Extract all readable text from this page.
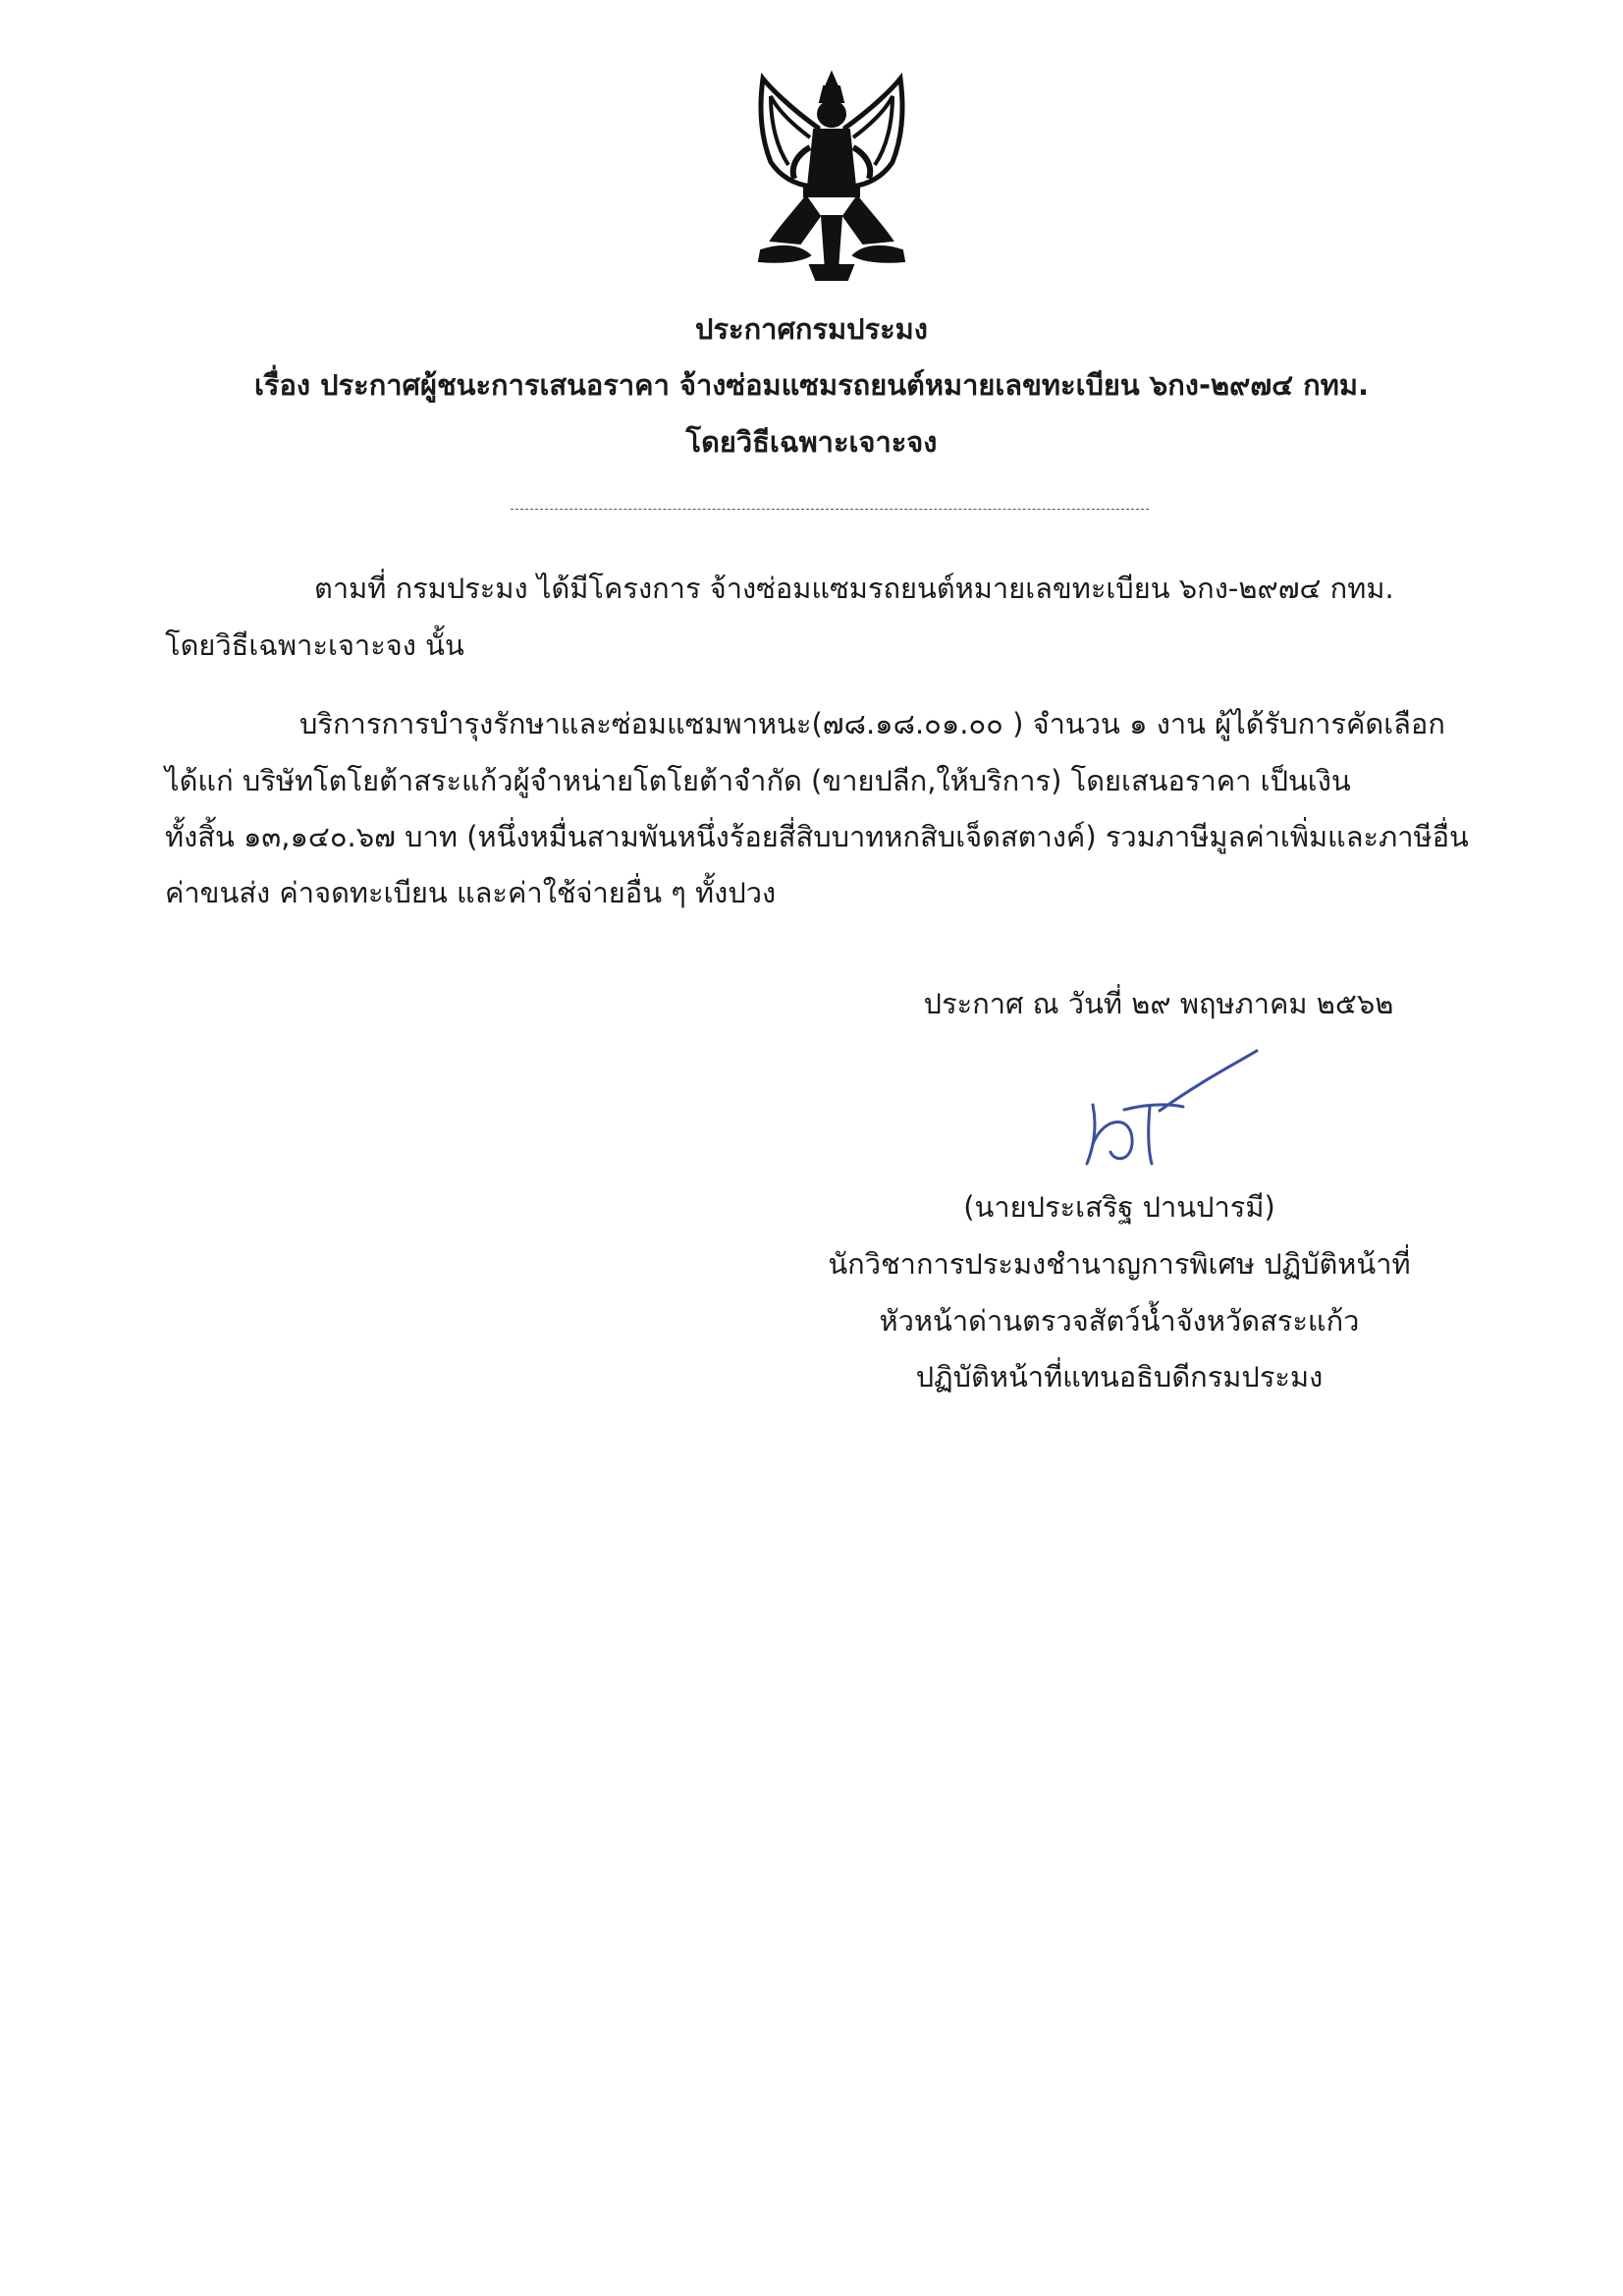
ประกาศกรมประมง
เรื่อง ประกาศผู้ชนะการเสนอราคา จ้างซ่อมแซมรถยนต์หมายเลขทะเบียน ๖กง-๒๙๗๔ กทม.
โดยวิธีเฉพาะเจาะจง
ตามที่ กรมประมง ได้มีโครงการ จ้างซ่อมแซมรถยนต์หมายเลขทะเบียน ๖กง-๒๙๗๔ กทม.
โดยวิธีเฉพาะเจาะจง นั้น
บริการการบำรุงรักษาและซ่อมแซมพาหนะ(๗๘.๑๘.๐๑.๐๐ ) จำนวน ๑ งาน ผู้ได้รับการคัดเลือก
ได้แก่ บริษัทโตโยต้าสระแก้วผู้จำหน่ายโตโยต้าจำกัด (ขายปลีก,ให้บริการ) โดยเสนอราคา เป็นเงิน
ทั้งสิ้น ๑๓,๑๔๐.๖๗ บาท (หนึ่งหมื่นสามพันหนึ่งร้อยสี่สิบบาทหกสิบเจ็ดสตางค์) รวมภาษีมูลค่าเพิ่มและภาษีอื่น
ค่าขนส่ง ค่าจดทะเบียน และค่าใช้จ่ายอื่น ๆ ทั้งปวง
ประกาศ ณ วันที่ ๒๙ พฤษภาคม ๒๕๖๒
(นายประเสริฐ ปานปารมี)
นักวิชาการประมงชำนาญการพิเศษ ปฏิบัติหน้าที่
หัวหน้าด่านตรวจสัตว์น้ำจังหวัดสระแก้ว
ปฏิบัติหน้าที่แทนอธิบดีกรมประมง
